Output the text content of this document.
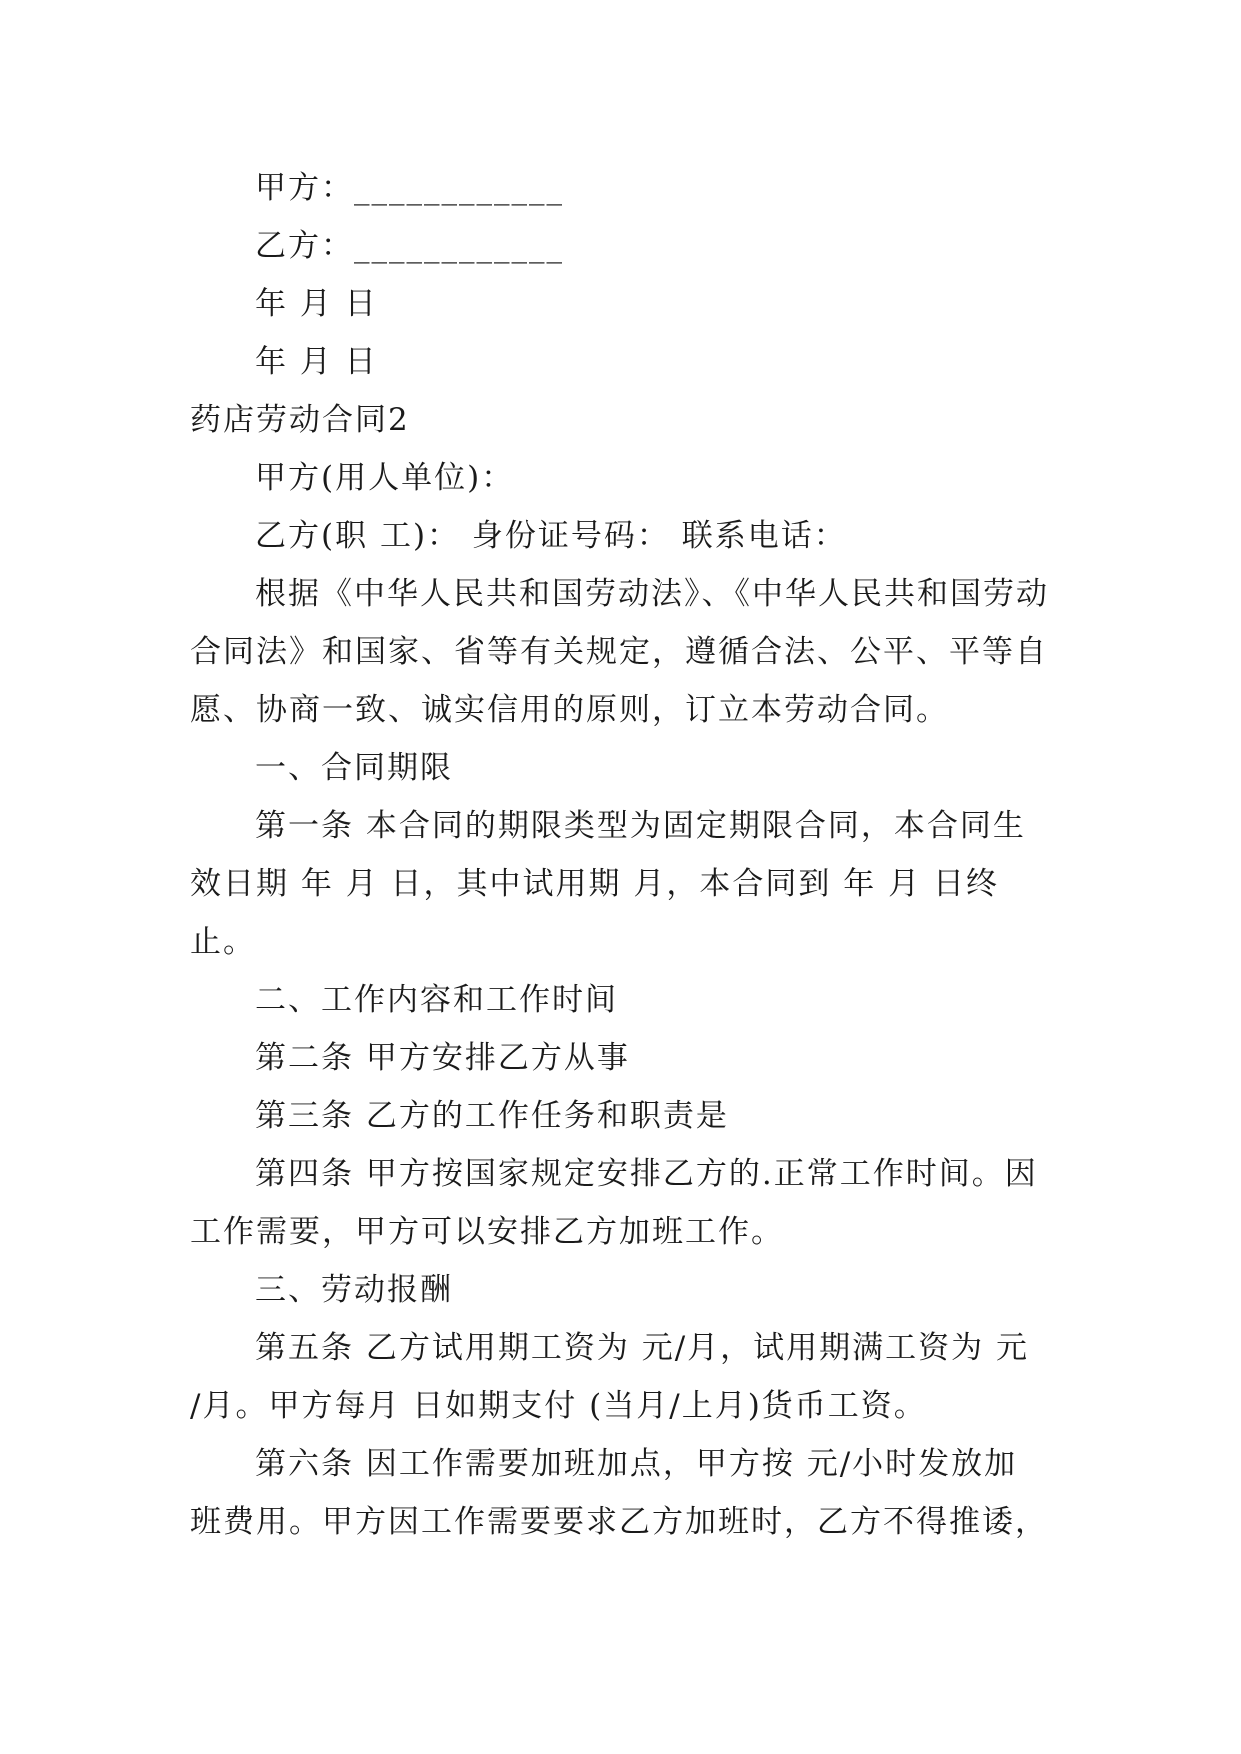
甲方：____________
乙方：____________
年 月 日
年 月 日
药店劳动合同2
甲方(用人单位)：
乙方(职 工)： 身份证号码： 联系电话：
根据《中华人民共和国劳动法》、《中华人民共和国劳动
合同法》和国家、省等有关规定，遵循合法、公平、平等自
愿、协商一致、诚实信用的原则，订立本劳动合同。
一、合同期限
第一条 本合同的期限类型为固定期限合同，本合同生
效日期 年 月 日，其中试用期 月，本合同到 年 月 日终
止。
二、工作内容和工作时间
第二条 甲方安排乙方从事
第三条 乙方的工作任务和职责是
第四条 甲方按国家规定安排乙方的.正常工作时间。因
工作需要，甲方可以安排乙方加班工作。
三、劳动报酬
第五条 乙方试用期工资为 元/月，试用期满工资为 元
/月。甲方每月 日如期支付 (当月/上月)货币工资。
第六条 因工作需要加班加点，甲方按 元/小时发放加
班费用。甲方因工作需要要求乙方加班时，乙方不得推诿，
